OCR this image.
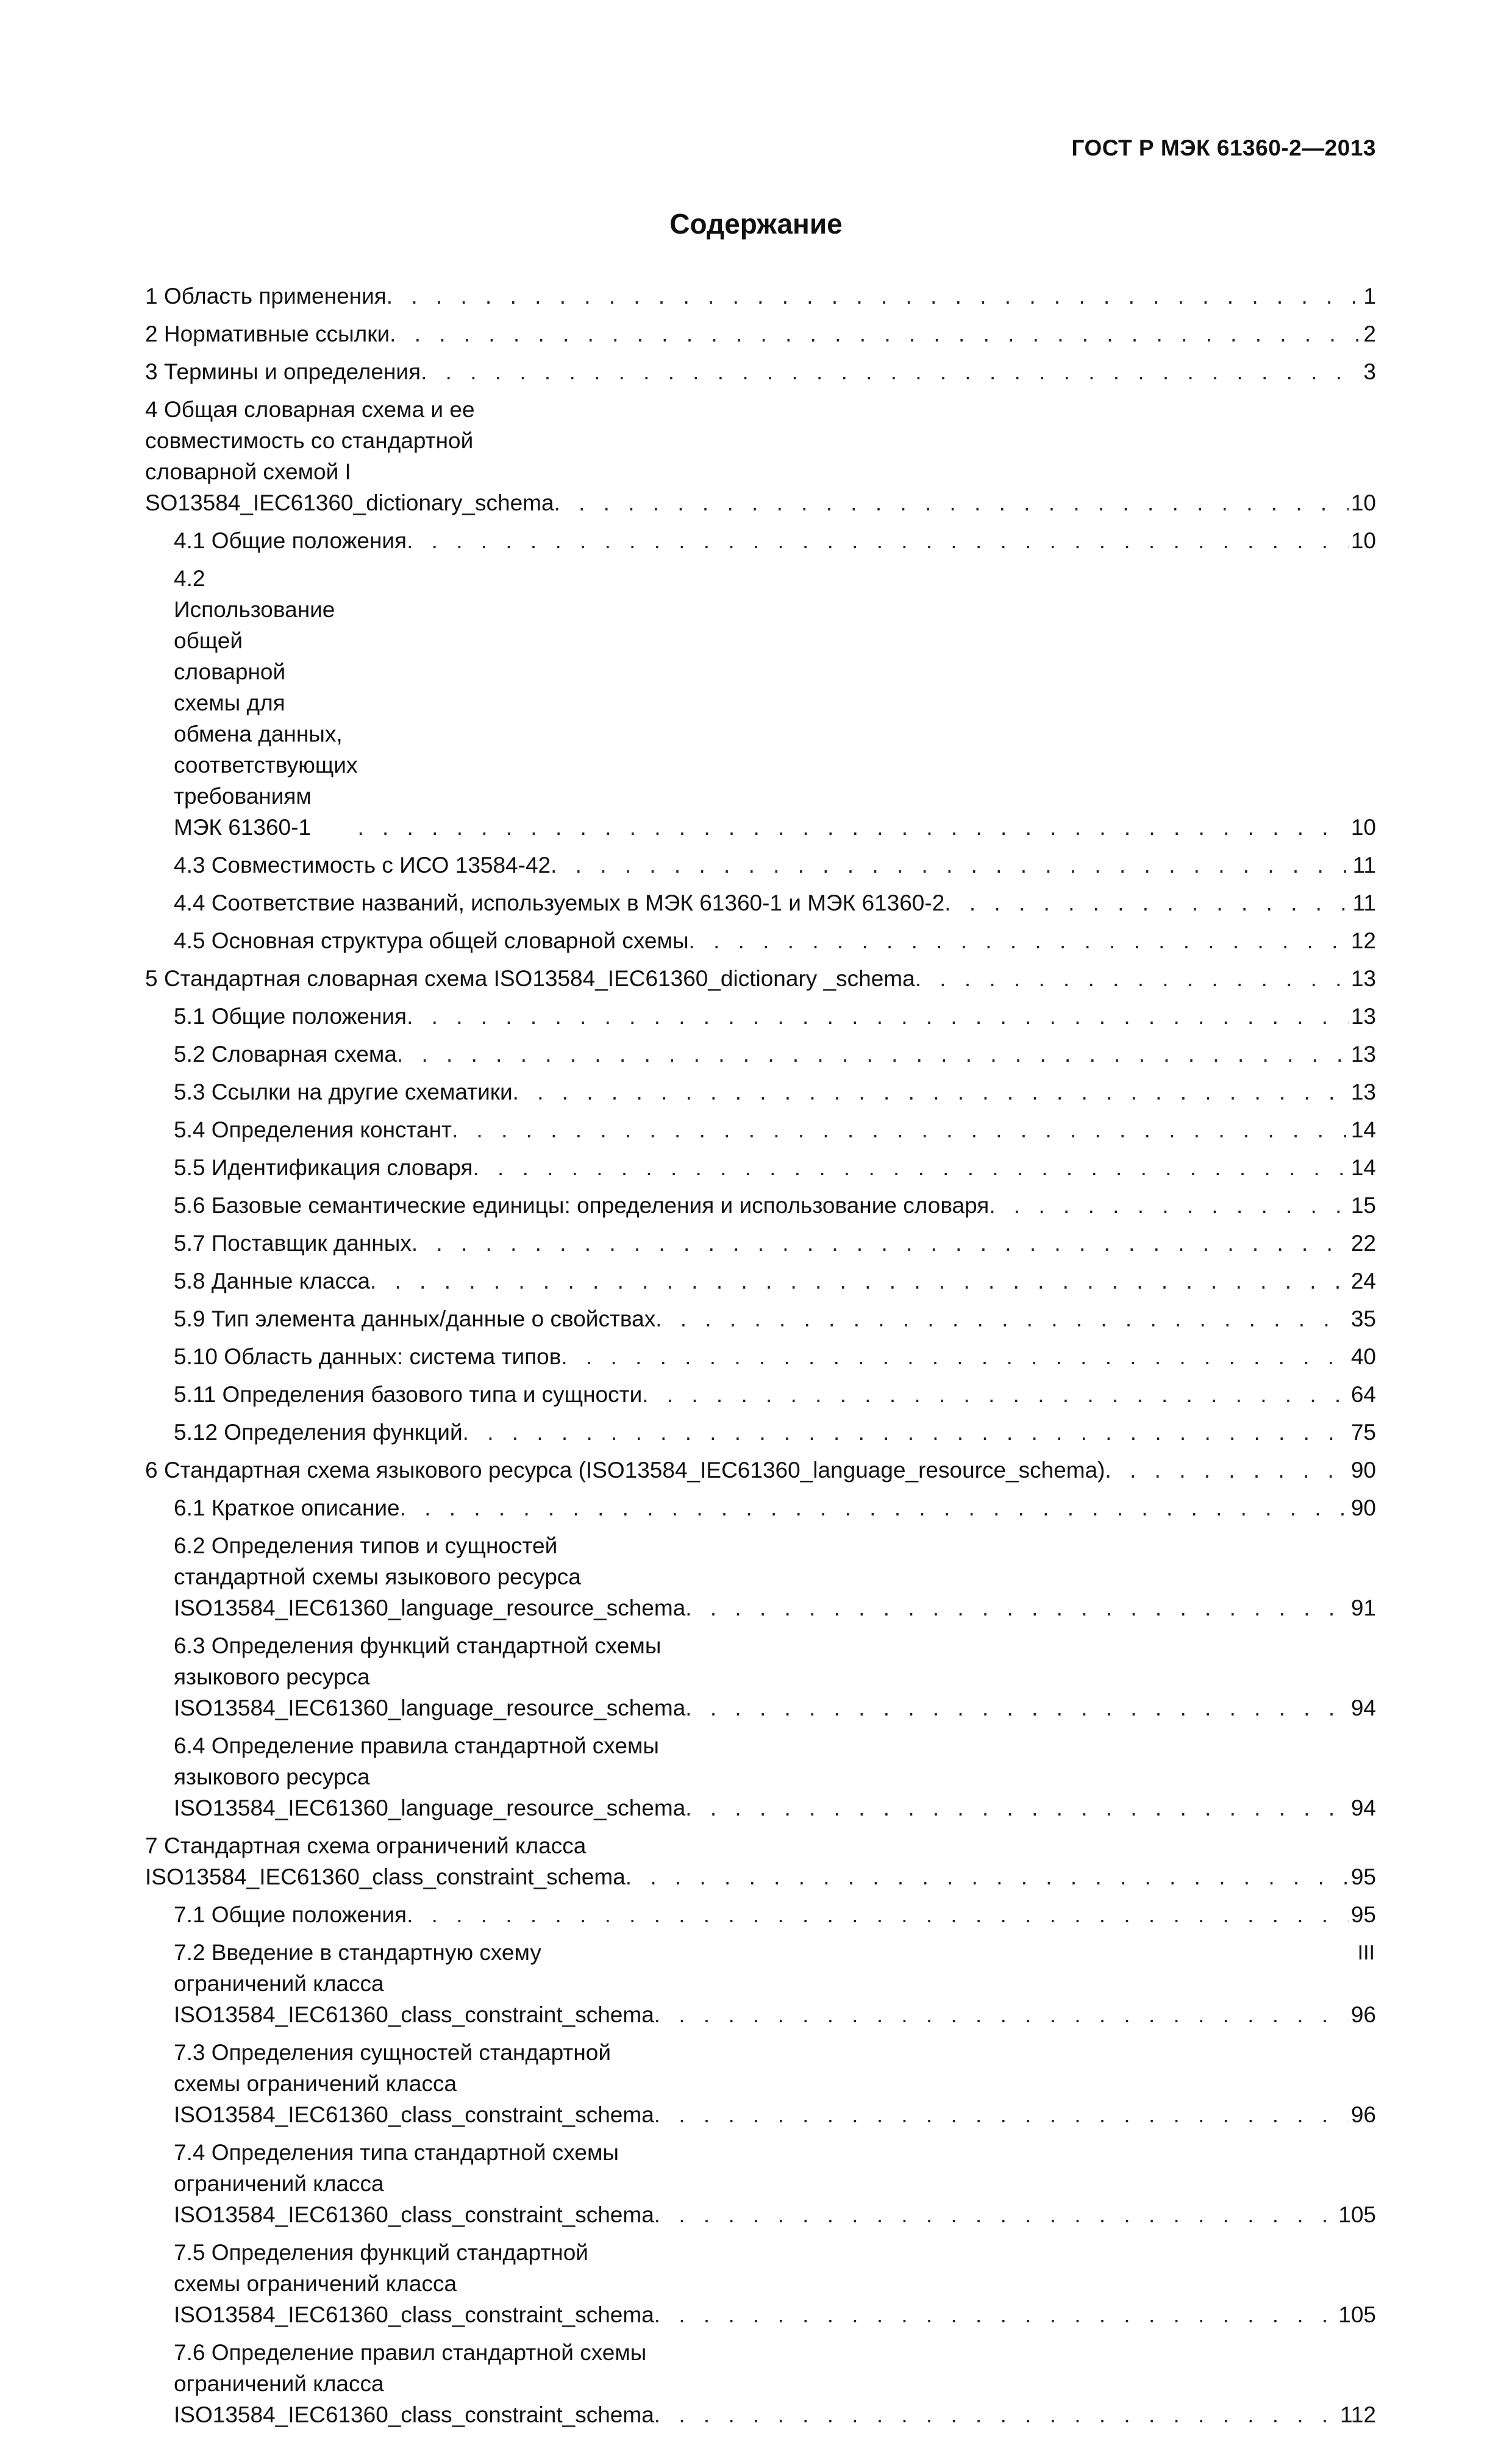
ГОСТ Р МЭК 61360-2—2013
Содержание
1 Область применения . . .	1
2 Нормативные ссылки . . .	2
3 Термины и определения . . .	3
4 Общая словарная схема и ее совместимость со стандартной словарной схемой I
SO13584_IEC61360_dictionary_schema . . .	10
4.1 Общие положения . . .	10
4.2 Использование общей словарной схемы для обмена данных,
соответствующих требованиям МЭК 61360-1 . . .	10
4.3 Совместимость с ИСО 13584-42 . . .	11
4.4 Соответствие названий, используемых в МЭК 61360-1 и МЭК 61360-2 . . .	11
4.5 Основная структура общей словарной схемы . . .	12
5 Стандартная словарная схема ISO13584_IEC61360_dictionary _schema . . .	13
5.1 Общие положения . . .	13
5.2 Словарная схема . . .	13
5.3 Ссылки на другие схематики . . .	13
5.4 Определения констант . . .	14
5.5 Идентификация словаря . . .	14
5.6 Базовые семантические единицы: определения и использование словаря . . .	15
5.7 Поставщик данных . . .	22
5.8 Данные класса . . .	24
5.9 Тип элемента данных/данные о свойствах . . .	35
5.10 Область данных: система типов . . .	40
5.11 Определения базового типа и сущности . . .	64
5.12 Определения функций . . .	75
6 Стандартная схема языкового ресурса (ISO13584_IEC61360_language_resource_schema) . . .	90
6.1 Краткое описание . . .	90
6.2 Определения типов и сущностей стандартной схемы языкового ресурса
ISO13584_IEC61360_language_resource_schema . . .	91
6.3 Определения функций стандартной схемы языкового ресурса
ISO13584_IEC61360_language_resource_schema . . .	94
6.4 Определение правила стандартной схемы языкового ресурса
ISO13584_IEC61360_language_resource_schema . . .	94
7 Стандартная схема ограничений класса
ISO13584_IEC61360_class_constraint_schema . . .	95
7.1 Общие положения . . .	95
7.2 Введение в стандартную схему ограничений класса
ISO13584_IEC61360_class_constraint_schema . . .	96
7.3 Определения сущностей стандартной схемы ограничений класса
ISO13584_IEC61360_class_constraint_schema . . .	96
7.4 Определения типа стандартной схемы ограничений класса
ISO13584_IEC61360_class_constraint_schema . . .	105
7.5 Определения функций стандартной схемы ограничений класса
ISO13584_IEC61360_class_constraint_schema . . .	105
7.6 Определение правил стандартной схемы ограничений класса
ISO13584_IEC61360_class_constraint_schema . . .	112
III
